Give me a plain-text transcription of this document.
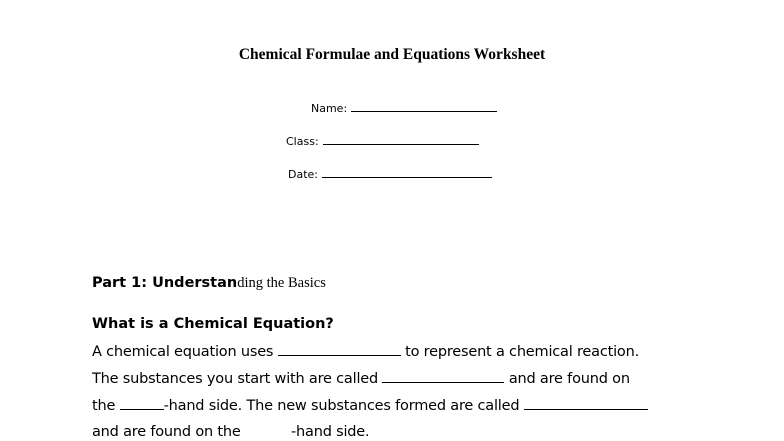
Chemical Formulae and Equations Worksheet
Name:
Class:
Date:
Part 1: Understanding the Basics
What is a Chemical Equation?
A chemical equation uses	to represent a chemical reaction.
The substances you start with are called	and are found on
the	-hand side. The new substances formed are called
and are found on the	-hand side.
